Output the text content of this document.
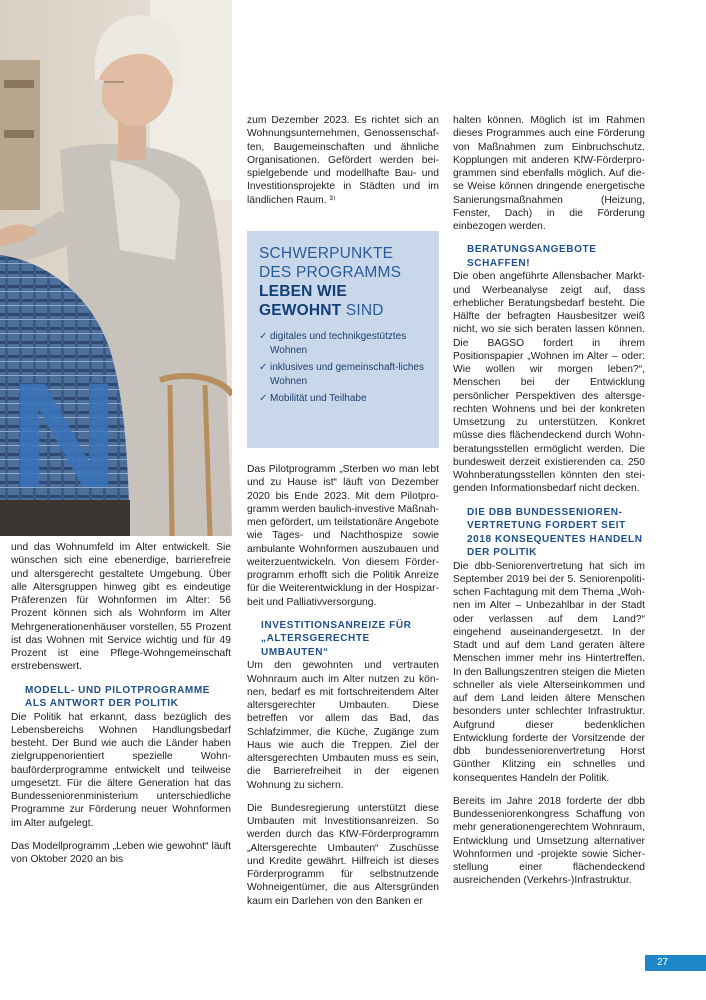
N

und das Wohnumfeld im Alter entwickelt. Sie wünschen sich eine ebenerdige, barrierefreie und altersgerecht gestaltete Umgebung. Über alle Altersgruppen hinweg gibt es eindeutige Präferenzen für Wohnformen im Alter: 56 Prozent können sich als Wohnform im Alter Mehrgenerationenhäuser vorstellen, 55 Prozent ist das Wohnen mit Service wichtig und für 49 Prozent ist eine Pflege-Wohngemeinschaft erstrebenswert.

MODELL- UND PILOTPROGRAMME ALS ANTWORT DER POLITIK

Die Politik hat erkannt, dass bezüglich des Lebensbereichs Wohnen Handlungsbedarf besteht. Der Bund wie auch die Länder haben zielgruppenorientiert spezielle Wohnbauförderprogramme entwickelt und teilweise umgesetzt. Für die ältere Generation hat das Bundesseniorenministerium unterschiedliche Programme zur Förderung neuer Wohnformen im Alter aufgelegt.

Das Modellprogramm „Leben wie gewohnt“ läuft von Oktober 2020 an bis

zum Dezember 2023. Es richtet sich an Wohnungsunternehmen, Genossenschaften, Baugemeinschaften und ähnliche Organisationen. Gefördert werden beispielgebende und modellhafte Bau- und Investitionsprojekte in Städten und im ländlichen Raum. ³⁾

SCHWERPUNKTE DES PROGRAMMS LEBEN WIE GEWOHNT SIND
✓ digitales und technikgestütztes Wohnen
✓ inklusives und gemeinschaft-liches Wohnen
✓ Mobilität und Teilhabe

Das Pilotprogramm „Sterben wo man lebt und zu Hause ist“ läuft von Dezember 2020 bis Ende 2023. Mit dem Pilotprogramm werden baulich-investive Maßnahmen gefördert, um teilstationäre Angebote wie Tages- und Nachthospize sowie ambulante Wohnformen auszubauen und weiterzuentwickeln. Von diesem Förderprogramm erhofft sich die Politik Anreize für die Weiterentwicklung in der Hospizarbeit und Palliativversorgung.

INVESTITIONSANREIZE FÜR „ALTERSGERECHTE UMBAUTEN“

Um den gewohnten und vertrauten Wohnraum auch im Alter nutzen zu können, bedarf es mit fortschreitendem Alter altersgerechter Umbauten. Diese betreffen vor allem das Bad, das Schlafzimmer, die Küche, Zugänge zum Haus wie auch die Treppen. Ziel der altersgerechten Umbauten muss es sein, die Barrierefreiheit in der eigenen Wohnung zu sichern.

Die Bundesregierung unterstützt diese Umbauten mit Investitionsanreizen. So werden durch das KfW-Förderprogramm „Altersgerechte Umbauten“ Zuschüsse und Kredite gewährt. Hilfreich ist dieses Förderprogramm für selbstnutzende Wohneigentümer, die aus Altersgründen kaum ein Darlehen von den Banken er

halten können. Möglich ist im Rahmen dieses Programmes auch eine Förderung von Maßnahmen zum Einbruchschutz. Kopplungen mit anderen KfW-Förderprogrammen sind ebenfalls möglich. Auf diese Weise können dringende energetische Sanierungsmaßnahmen (Heizung, Fenster, Dach) in die Förderung einbezogen werden.

BERATUNGSANGEBOTE SCHAFFEN!

Die oben angeführte Allensbacher Markt- und Werbeanalyse zeigt auf, dass erheblicher Beratungsbedarf besteht. Die Hälfte der befragten Hausbesitzer weiß nicht, wo sie sich beraten lassen können. Die BAGSO fordert in ihrem Positionspapier „Wohnen im Alter – oder: Wie wollen wir morgen leben?“, Menschen bei der Entwicklung persönlicher Perspektiven des altersgerechten Wohnens und bei der konkreten Umsetzung zu unterstützen. Konkret müsse dies flächendeckend durch Wohnberatungsstellen ermöglicht werden. Die bundesweit derzeit existierenden ca. 250 Wohnberatungsstellen könnten den steigenden Informationsbedarf nicht decken.

DIE DBB BUNDESSENIORENVERTRETUNG FORDERT SEIT 2018 KONSEQUENTES HANDELN DER POLITIK

Die dbb-Seniorenvertretung hat sich im September 2019 bei der 5. Seniorenpolitischen Fachtagung mit dem Thema „Wohnen im Alter – Unbezahlbar in der Stadt oder verlassen auf dem Land?“ eingehend auseinandergesetzt. In der Stadt und auf dem Land geraten ältere Menschen immer mehr ins Hintertreffen. In den Ballungszentren steigen die Mieten schneller als viele Alterseinkommen und auf dem Land leiden ältere Menschen besonders unter schlechter Infrastruktur. Aufgrund dieser bedenklichen Entwicklung forderte der Vorsitzende der dbb bundesseniorenvertretung Horst Günther Klitzing ein schnelles und konsequentes Handeln der Politik.

Bereits im Jahre 2018 forderte der dbb Bundesseniorenkongress Schaffung von mehr generationengerechtem Wohnraum, Entwicklung und Umsetzung alternativer Wohnformen und -projekte sowie Sicherstellung einer flächendeckend ausreichenden (Verkehrs-)Infrastruktur.

27
